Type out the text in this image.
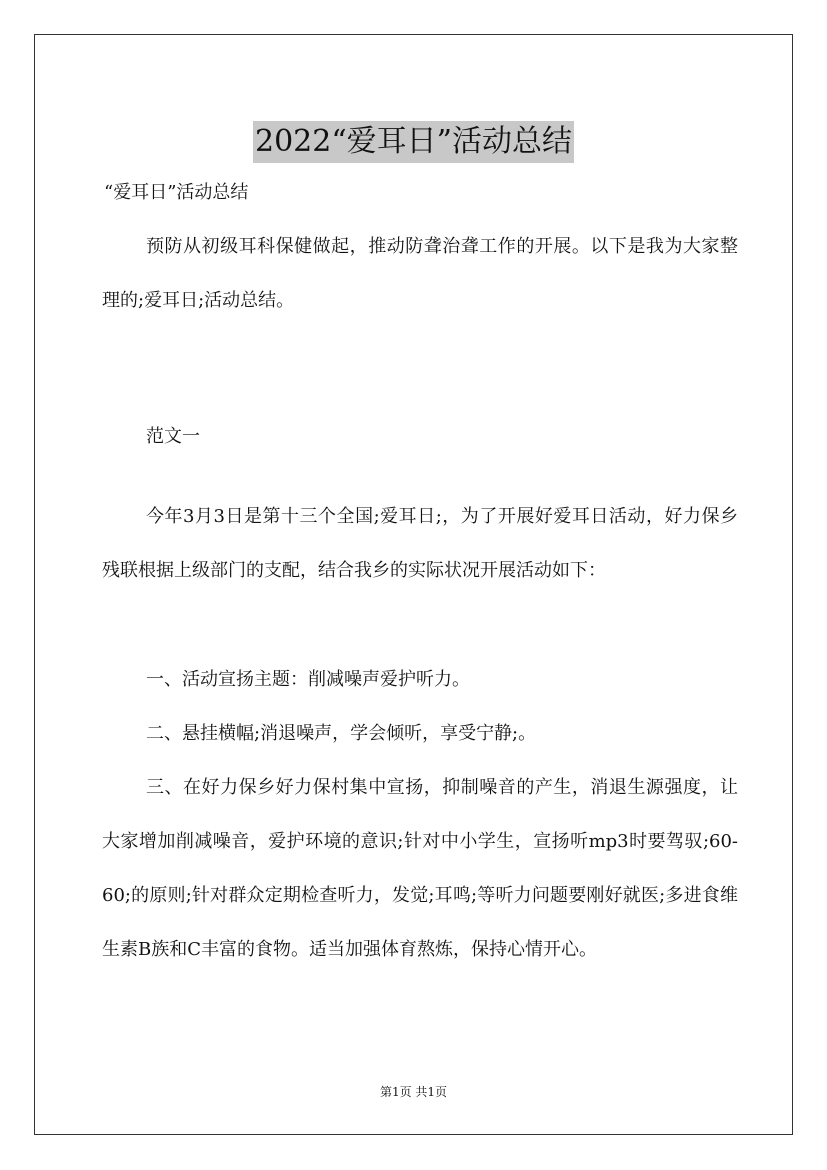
2022“爱耳日”活动总结
“爱耳日”活动总结

预防从初级耳科保健做起，推动防聋治聋工作的开展。以下是我为大家整理的;爱耳日;活动总结。

范文一

今年3月3日是第十三个全国;爱耳日;，为了开展好爱耳日活动，好力保乡残联根据上级部门的支配，结合我乡的实际状况开展活动如下：

一、活动宣扬主题：削减噪声爱护听力。

二、悬挂横幅;消退噪声，学会倾听，享受宁静;。

三、在好力保乡好力保村集中宣扬，抑制噪音的产生，消退生源强度，让大家增加削减噪音，爱护环境的意识;针对中小学生，宣扬听mp3时要驾驭;60-60;的原则;针对群众定期检查听力，发觉;耳鸣;等听力问题要刚好就医;多进食维生素B族和C丰富的食物。适当加强体育熬炼，保持心情开心。

第1页 共1页
